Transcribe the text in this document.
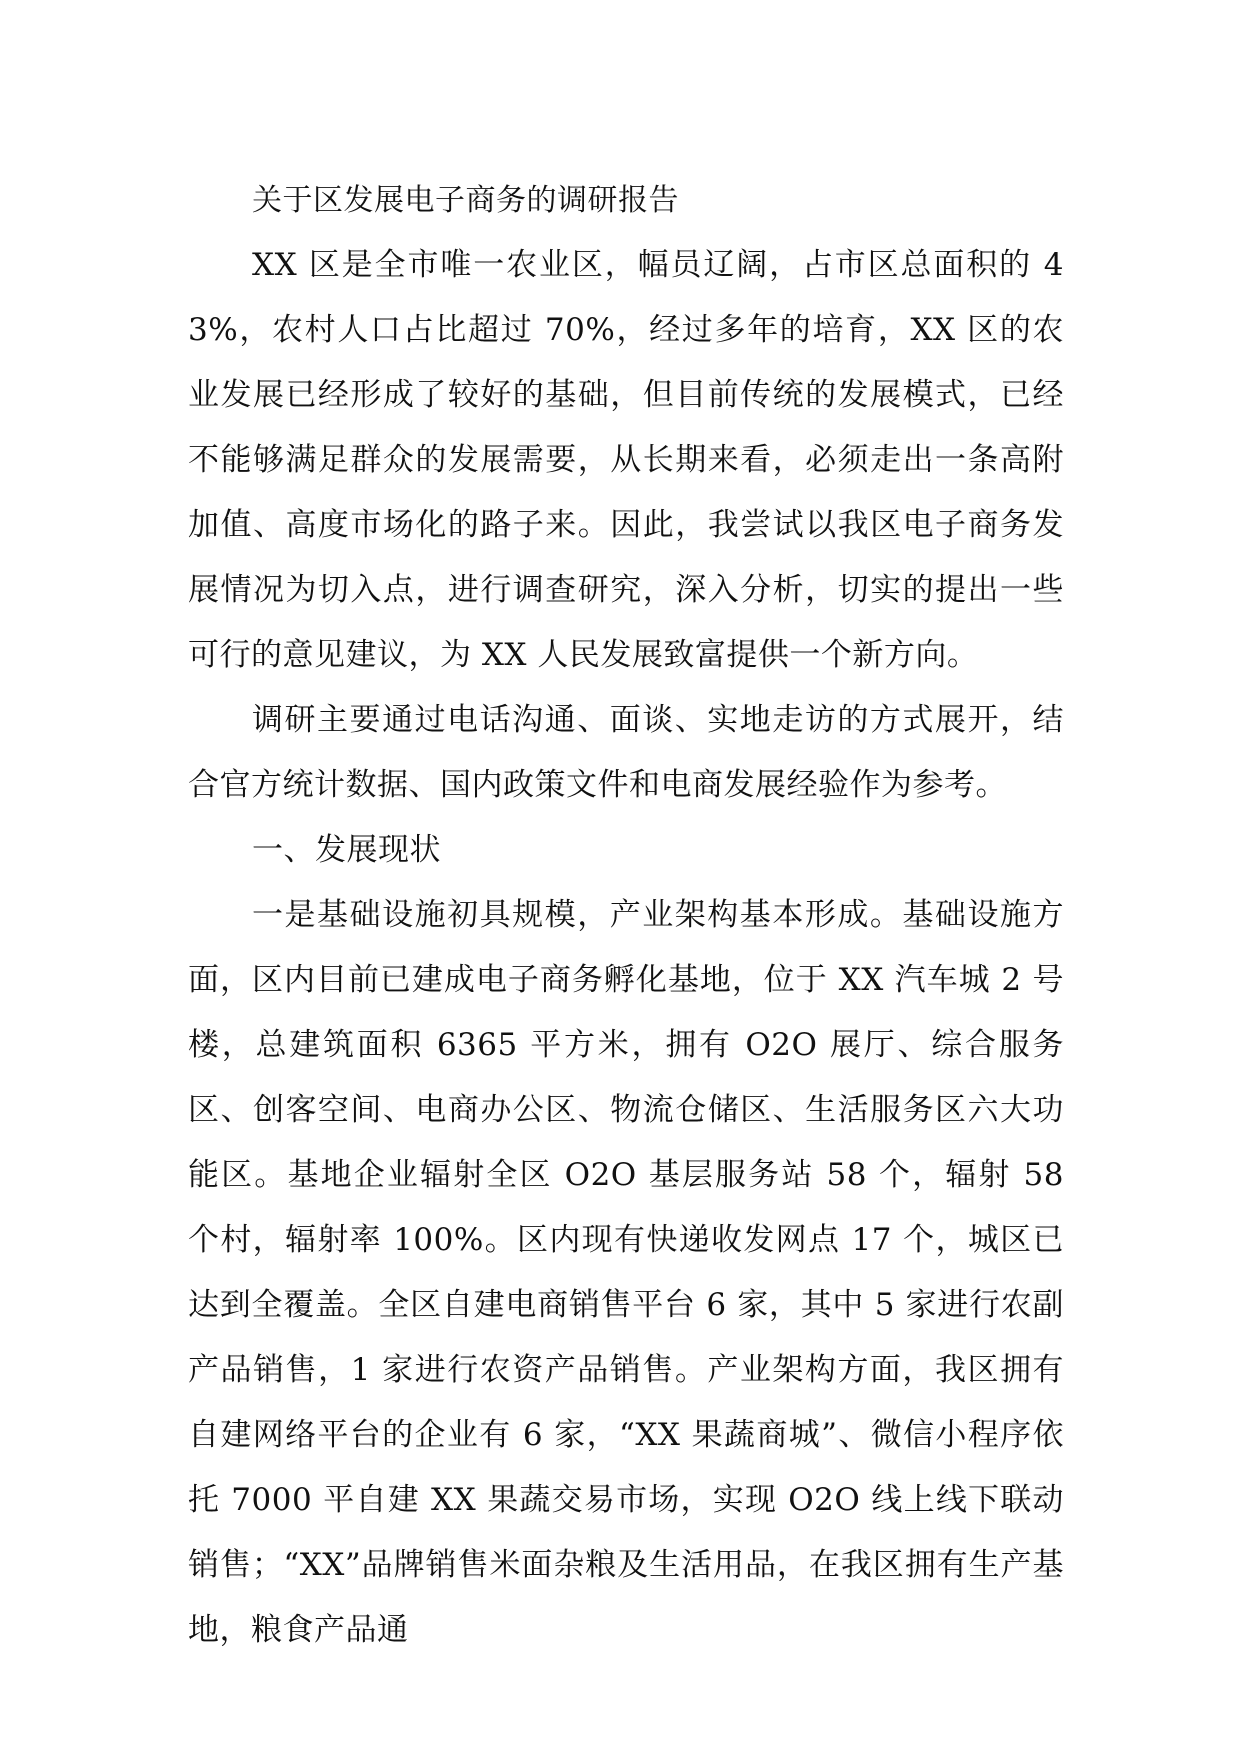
关于区发展电子商务的调研报告

XX 区是全市唯一农业区，幅员辽阔，占市区总面积的 43%，农村人口占比超过 70%，经过多年的培育，XX 区的农业发展已经形成了较好的基础，但目前传统的发展模式，已经不能够满足群众的发展需要，从长期来看，必须走出一条高附加值、高度市场化的路子来。因此，我尝试以我区电子商务发展情况为切入点，进行调查研究，深入分析，切实的提出一些可行的意见建议，为 XX 人民发展致富提供一个新方向。

调研主要通过电话沟通、面谈、实地走访的方式展开，结合官方统计数据、国内政策文件和电商发展经验作为参考。

一、发展现状

一是基础设施初具规模，产业架构基本形成。基础设施方面，区内目前已建成电子商务孵化基地，位于 XX 汽车城 2 号楼，总建筑面积 6365 平方米，拥有 O2O 展厅、综合服务区、创客空间、电商办公区、物流仓储区、生活服务区六大功能区。基地企业辐射全区 O2O 基层服务站 58 个，辐射 58 个村，辐射率 100%。区内现有快递收发网点 17 个，城区已达到全覆盖。全区自建电商销售平台 6 家，其中 5 家进行农副产品销售，1 家进行农资产品销售。产业架构方面，我区拥有自建网络平台的企业有 6 家，“XX 果蔬商城”、微信小程序依托 7000 平自建 XX 果蔬交易市场，实现 O2O 线上线下联动销售；“XX”品牌销售米面杂粮及生活用品，在我区拥有生产基地，粮食产品通
